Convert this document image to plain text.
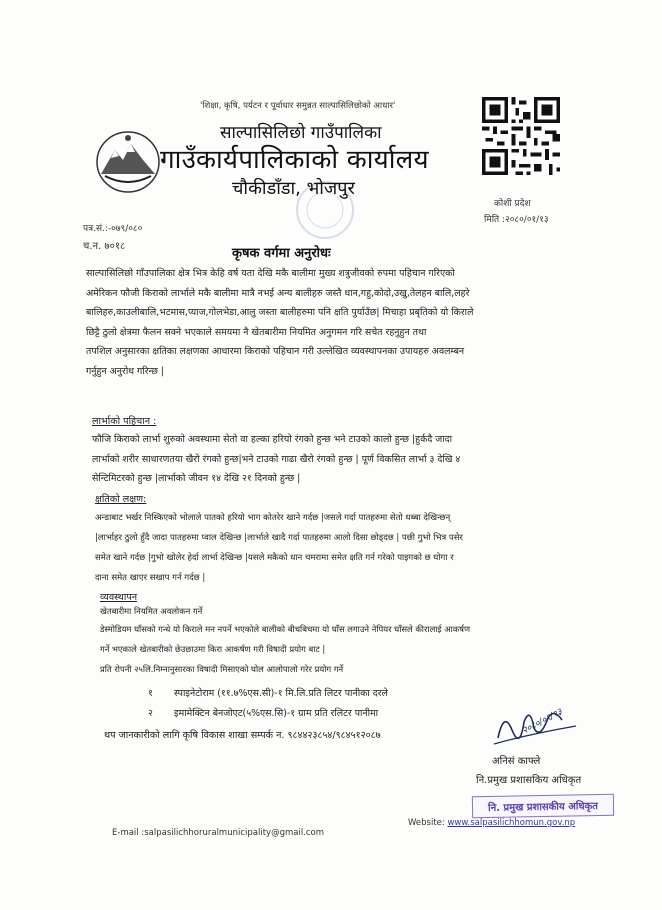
'शिक्षा, कृषि, पर्यटन र पूर्वाधार समुन्नत साल्पासिलिछोको आधार'
साल्पासिलिछो गाउँपालिका
गाउँकार्यपालिकाको कार्यालय
चौकीडाँडा, भोजपुर
कोशी प्रदेश
मिति :२०८०/०१/१३
पत्र.सं.:-०७९/०८०
च.न. ७०१८	कृषक वर्गमा अनुरोधः
साल्पासिलिछो गाँउपालिका क्षेत्र भित्र केहि वर्ष यता देखि मकै बालीमा मुख्य शत्रुजीवको रुपमा पहिचान गरिएको
अमेरिकन फौजी किराको लार्भाले मकै बालीमा मात्रै नभई अन्य बालीहरु जस्तै धान,गहु,कोदो,उखु,तेलहन बालि,लहरे
बालिहरु,काउलीबालि,भटमास,प्याज,गोलभेडा,आलु जस्ता बालीहरुमा पनि क्षति पुर्याउँछ| मिचाहा प्रबृतिको यो किराले
छिट्टै ठुलो क्षेत्रमा फैलन सक्ने भएकाले समयमा नै खेतबारीमा नियमित अनुगमन गरि सचेत रहनुहुन तथा
तपशिल अनुसारका क्षतिका लक्षणका आधारमा किराको पहिचान गरी उल्लेखित व्यवस्थापनका उपायहरु अवलम्बन
गर्नुहुन अनुरोध गरिन्छ |
लार्भाको पहिचान :
फौजि किराको लार्भा शुरुको अवस्थामा सेतो वा हल्का हरियो रंगको हुन्छ भने टाउको कालो हुन्छ |हुर्कदै जादा
लार्भाको शरीर साधारणतया खैरो रंगको हुन्छ|भने टाउको गाढा खैरो रंगको हुन्छ | पूर्ण विकसित लार्भा ३ देखि ४
सेन्टिमिटरको हुन्छ |लार्भाको जीवन १४ देखि २१ दिनको हुन्छ |
क्षतिको लक्षण:
अन्डाबाट भर्खर निस्किएको भोलाले पातको हरियो भाग कोतरेर खाने गर्दछ |जसले गर्दा पातहरुमा सेतो धब्बा देखिन्छन्
|लार्भाहर ठुलो हुँदै जादा पातहरुमा प्वाल देखिन्छ |लार्भाले खादै गर्दा पातहरुमा आलो दिसा छोड्दछ | पछी गुभो भित्र पसेर
समेत खाने गर्दछ |गुभो खोलेर हेर्दा लार्भा देखिन्छ |यसले मकैको धान चमरामा समेत क्षति गर्न गरेको पाइगको छ घोगा र
दाना समेत खाएर सखाप गर्न गर्दछ |
व्यवस्थापन
खेतबारीमा नियमित अवलोकन गर्ने
डेस्मोडियम घाँसको गन्धे यो किराले मन नपर्ने भएकोले बालीको बीचबिचमा यो घाँस लगाउने नेपियर घाँसले कीरालाई आकर्षण
गर्ने भएकाले खेतबारीको छेउछाउमा किरा आकर्षण गरी विषादी प्रयोग बाट |
प्रति रोपनी २५लि.निम्नानुसारका विषादी मिसाएको घोल आलोपालो गरेर प्रयोग गर्ने
१ स्पाइनेटोराम (११.७%एस.सी)-१ मि.लि.प्रति लिटर पानीका दरले
२ इमामेक्टिन बेनजोएट(५%एस.सि)-१ ग्राम प्रति रलिटर पानीमा
थप जानकारीको लागि कृषि विकास शाखा सम्पर्क न. ९८४४२३८५४/९८४५१२०८७	२०८०/०१/१३
अनिसं काफ्ले
नि.प्रमुख प्रशासकिय अधिकृत
नि. प्रमुख प्रशासकीय अधिकृत
Website: www.salpasilichhomun.gov.np
E-mail :salpasilichhoruralmunicipality@gmail.com
